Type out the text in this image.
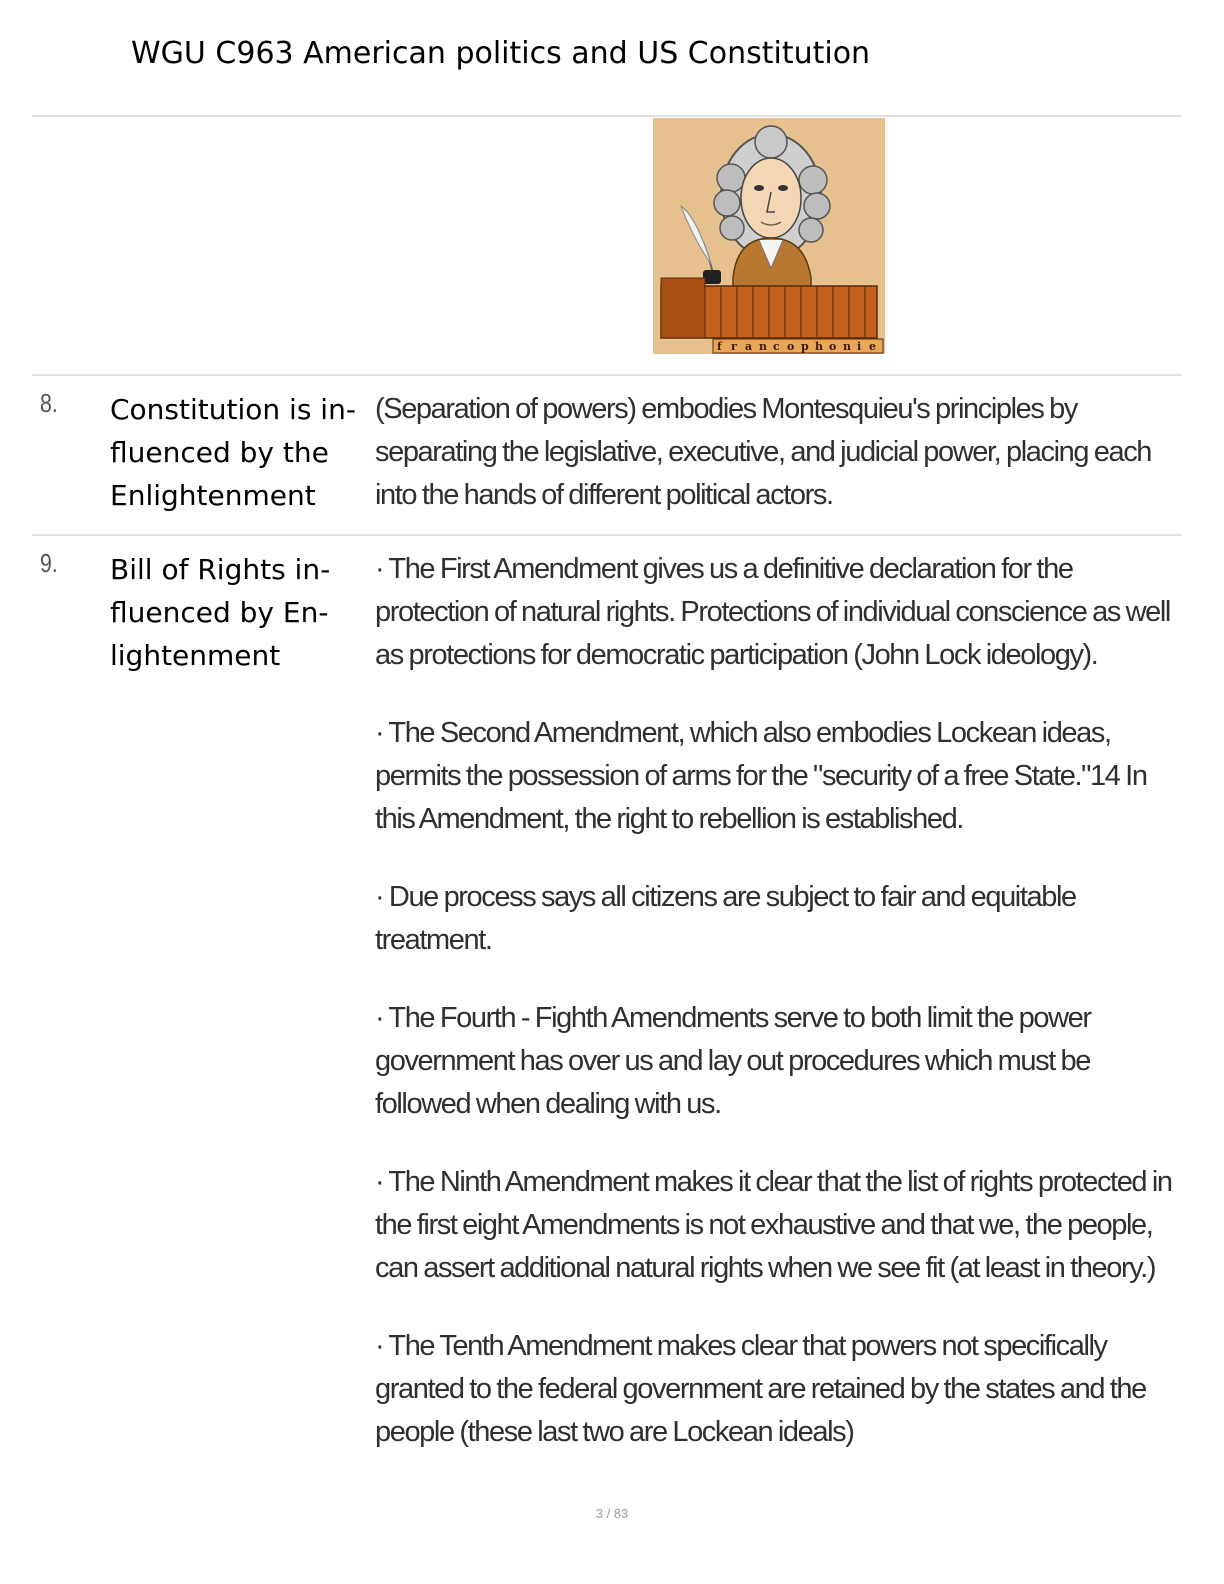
WGU C963 American politics and US Constitution
f r a n c o p h o n i e
8. Constitution is in-
fluenced by the
Enlightenment

(Separation of powers) embodies Montesquieu's principles by separating the legislative, executive, and judicial power, placing each into the hands of different political actors.

9. Bill of Rights in-
fluenced by En-
lightenment

· The First Amendment gives us a definitive declaration for the protection of natural rights. Protections of individual conscience as well as protections for democratic participation (John Lock ideology).

· The Second Amendment, which also embodies Lockean ideas, permits the possession of arms for the "security of a free State."14 In this Amendment, the right to rebellion is established.

· Due process says all citizens are subject to fair and equitable treatment.

· The Fourth - Fighth Amendments serve to both limit the power government has over us and lay out procedures which must be followed when dealing with us.

· The Ninth Amendment makes it clear that the list of rights protected in the first eight Amendments is not exhaustive and that we, the people, can assert additional natural rights when we see fit (at least in theory.)

· The Tenth Amendment makes clear that powers not specifically granted to the federal government are retained by the states and the people (these last two are Lockean ideals)

3 / 83
